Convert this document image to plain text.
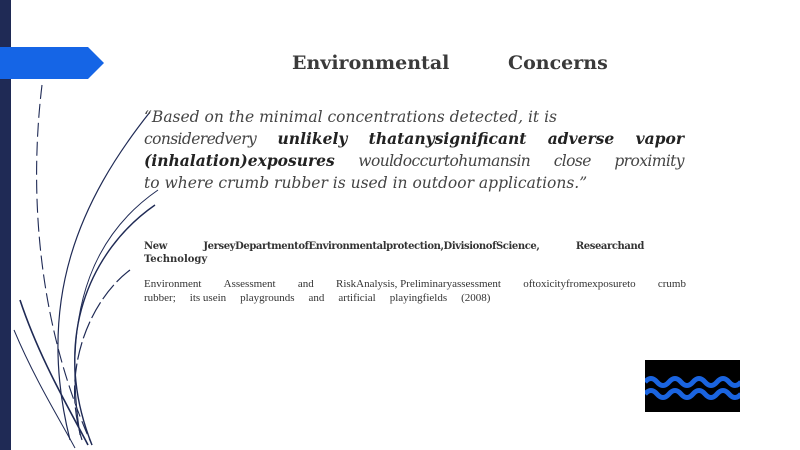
Environmental	Concerns
“Based on the minimal concentrations detected, it is
consideredvery unlikely thatanysignificant adverse vapor
(inhalation)exposures wouldoccurtohumansin close proximity
to where crumb rubber is used in outdoor applications.”
New	JerseyDepartmentofEnvironmentalprotection,DivisionofScience,	Researchand
Technology
Environment Assessment and RiskAnalysis, Preliminaryassessment oftoxicityfromexposureto crumb
rubber; its usein playgrounds and artificial playingfields (2008)
